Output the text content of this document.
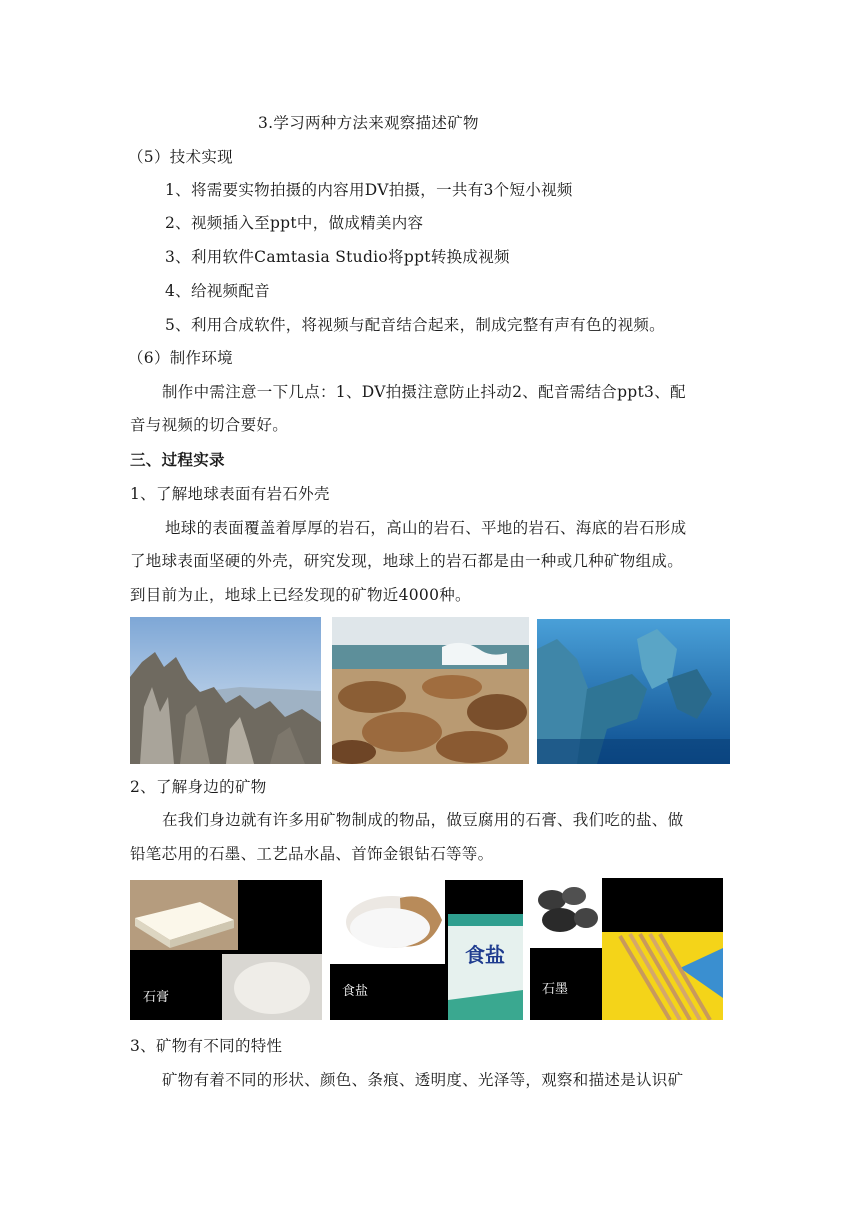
3.学习两种方法来观察描述矿物
（5）技术实现
1、将需要实物拍摄的内容用DV拍摄，一共有3个短小视频
2、视频插入至ppt中，做成精美内容
3、利用软件Camtasia Studio将ppt转换成视频
4、给视频配音
5、利用合成软件，将视频与配音结合起来，制成完整有声有色的视频。
（6）制作环境
制作中需注意一下几点：1、DV拍摄注意防止抖动2、配音需结合ppt3、配
音与视频的切合要好。
三、过程实录
1、了解地球表面有岩石外壳
地球的表面覆盖着厚厚的岩石，高山的岩石、平地的岩石、海底的岩石形成
了地球表面坚硬的外壳，研究发现，地球上的岩石都是由一种或几种矿物组成。
到目前为止，地球上已经发现的矿物近4000种。
2、了解身边的矿物
在我们身边就有许多用矿物制成的物品，做豆腐用的石膏、我们吃的盐、做
铅笔芯用的石墨、工艺品水晶、首饰金银钻石等等。
石膏	食盐
食盐
石墨
3、矿物有不同的特性
矿物有着不同的形状、颜色、条痕、透明度、光泽等，观察和描述是认识矿
